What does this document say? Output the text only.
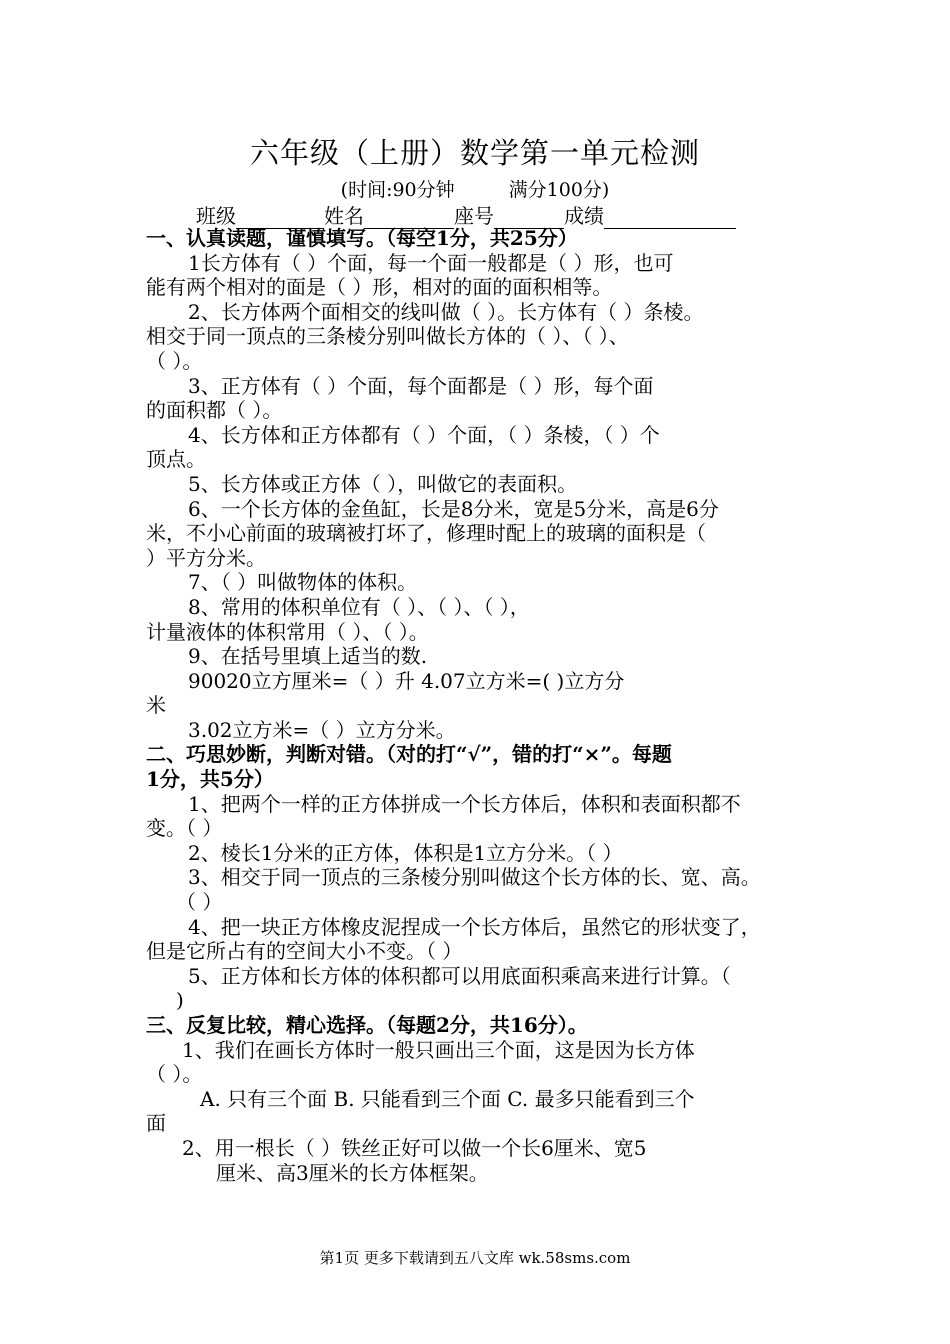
六年级（上册）数学第一单元检测
(时间:90分钟	满分100分)
班级	姓名	座号	成绩

一、认真读题，谨慎填写。（每空1分，共25分）

1长方体有（ ）个面，每一个面一般都是（ ）形，也可

能有两个相对的面是（ ）形，相对的面的面积相等。

2、长方体两个面相交的线叫做（ ）。长方体有（ ）条棱。

相交于同一顶点的三条棱分别叫做长方体的（ ）、（ ）、

（ ）。

3、正方体有（ ）个面，每个面都是（ ）形，每个面

的面积都（ ）。

4、长方体和正方体都有（ ）个面，（ ）条棱，（ ）个

顶点。

5、长方体或正方体（ ），叫做它的表面积。

6、一个长方体的金鱼缸，长是8分米，宽是5分米，高是6分

米，不小心前面的玻璃被打坏了，修理时配上的玻璃的面积是（

）平方分米。

7、（ ）叫做物体的体积。

8、常用的体积单位有（ ）、（ ）、（ ），

计量液体的体积常用（ ）、（ ）。

9、在括号里填上适当的数.

90020立方厘米=（ ）升 4.07立方米=( )立方分

米

3.02立方米=（ ）立方分米。

二、巧思妙断，判断对错。（对的打“√”，错的打“×”。每题

1分，共5分）

1、把两个一样的正方体拼成一个长方体后，体积和表面积都不

变。（ ）

2、棱长1分米的正方体，体积是1立方分米。（ ）

3、相交于同一顶点的三条棱分别叫做这个长方体的长、宽、高。

（ ）

4、把一块正方体橡皮泥捏成一个长方体后，虽然它的形状变了，

但是它所占有的空间大小不变。（ ）

5、正方体和长方体的体积都可以用底面积乘高来进行计算。（

)

三、反复比较，精心选择。（每题2分，共16分）。

1、我们在画长方体时一般只画出三个面，这是因为长方体

（ ）。

A. 只有三个面 B. 只能看到三个面 C. 最多只能看到三个

面

2、用一根长（ ）铁丝正好可以做一个长6厘米、宽5

厘米、高3厘米的长方体框架。

第1页 更多下载请到五八文库 wk.58sms.com
